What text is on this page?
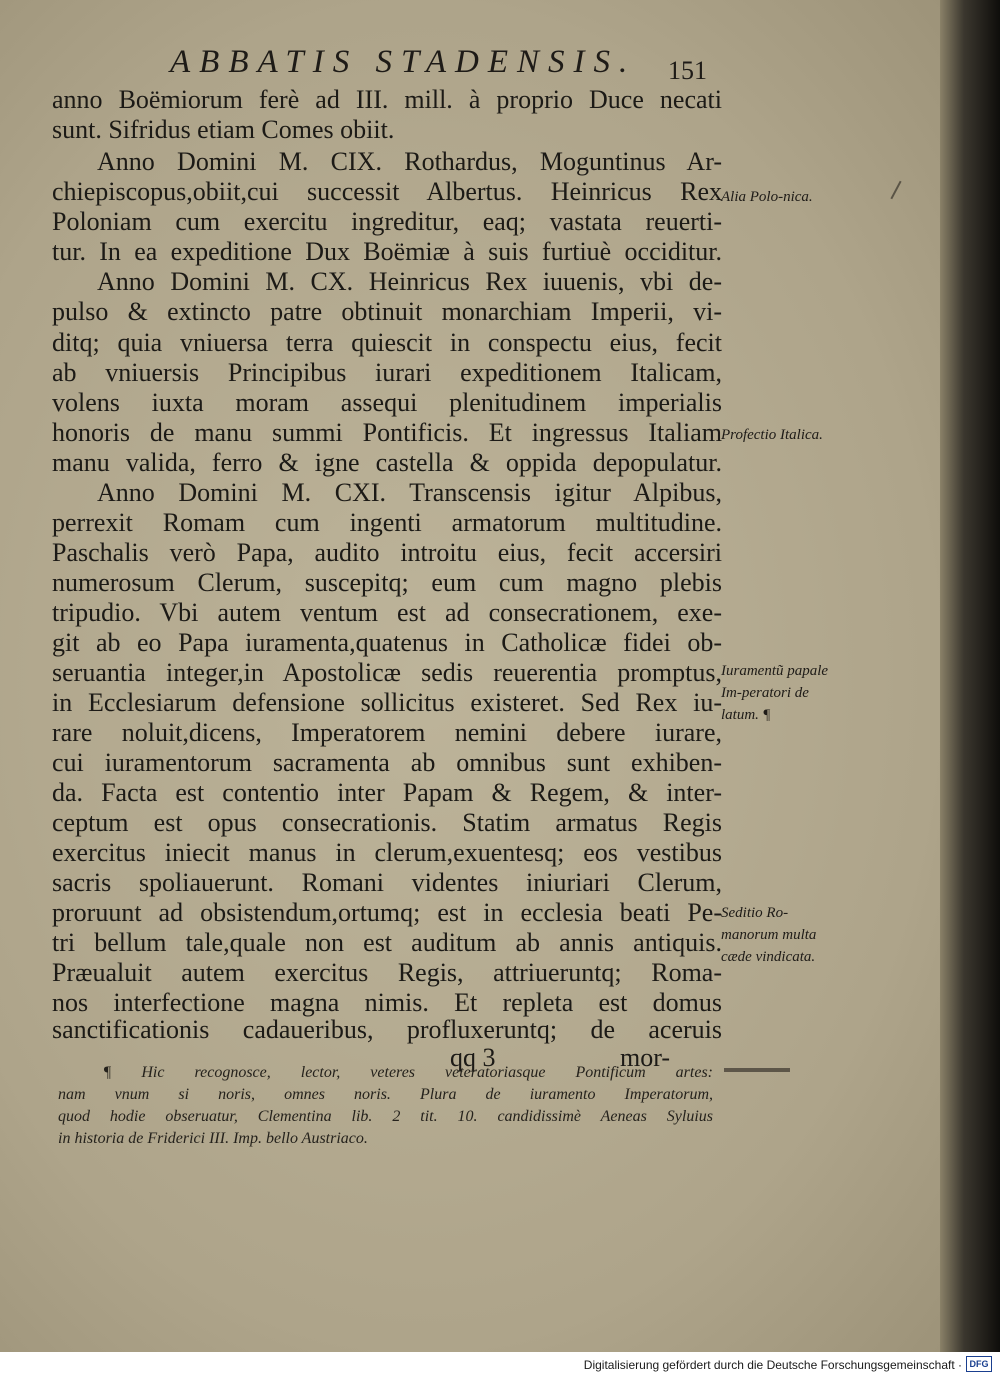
ABBATIS STADENSIS. 151
anno Boëmiorum ferè ad III. mill. à proprio Duce necati
sunt. Sifridus etiam Comes obiit.
Anno Domini M. CIX. Rothardus, Moguntinus Ar-
chiepiscopus,obiit,cui successit Albertus. Heinricus Rex
Poloniam cum exercitu ingreditur, eaq; vastata reuerti-
tur. In ea expeditione Dux Boëmiæ à suis furtiuè occiditur.
Anno Domini M. CX. Heinricus Rex iuuenis, vbi de-
pulso & extincto patre obtinuit monarchiam Imperii, vi-
ditq; quia vniuersa terra quiescit in conspectu eius, fecit
ab vniuersis Principibus iurari expeditionem Italicam,
volens iuxta moram assequi plenitudinem imperialis
honoris de manu summi Pontificis. Et ingressus Italiam
manu valida, ferro & igne castella & oppida depopulatur.
Anno Domini M. CXI. Transcensis igitur Alpibus,
perrexit Romam cum ingenti armatorum multitudine.
Paschalis verò Papa, audito introitu eius, fecit accersiri
numerosum Clerum, suscepitq; eum cum magno plebis
tripudio. Vbi autem ventum est ad consecrationem, exe-
git ab eo Papa iuramenta,quatenus in Catholicæ fidei ob-
seruantia integer,in Apostolicæ sedis reuerentia promptus,
in Ecclesiarum defensione sollicitus existeret. Sed Rex iu-
rare noluit,dicens, Imperatorem nemini debere iurare,
cui iuramentorum sacramenta ab omnibus sunt exhiben-
da. Facta est contentio inter Papam & Regem, & inter-
ceptum est opus consecrationis. Statim armatus Regis
exercitus iniecit manus in clerum,exuentesq; eos vestibus
sacris spoliauerunt. Romani videntes iniuriari Clerum,
proruunt ad obsistendum,ortumq; est in ecclesia beati Pe-
tri bellum tale,quale non est auditum ab annis antiquis.
Præualuit autem exercitus Regis, attriueruntq; Roma-
nos interfectione magna nimis. Et repleta est domus
sanctificationis cadaueribus, profluxeruntq; de aceruis
qq 3	mor-
Alia Polo-nica.
Profectio Italica.
Iuramentũ papale Im-peratori de latum. ¶
Seditio Ro-manorum multa cæde vindicata.
¶ Hic recognosce, lector, veteres veteratoriasque Pontificum artes:
nam vnum si noris, omnes noris. Plura de iuramento Imperatorum,
quod hodie obseruatur, Clementina lib. 2 tit. 10. candidissimè Aeneas Syluius
in historia de Friderici III. Imp. bello Austriaco.
Digitalisierung gefördert durch die Deutsche Forschungsgemeinschaft · DFG
